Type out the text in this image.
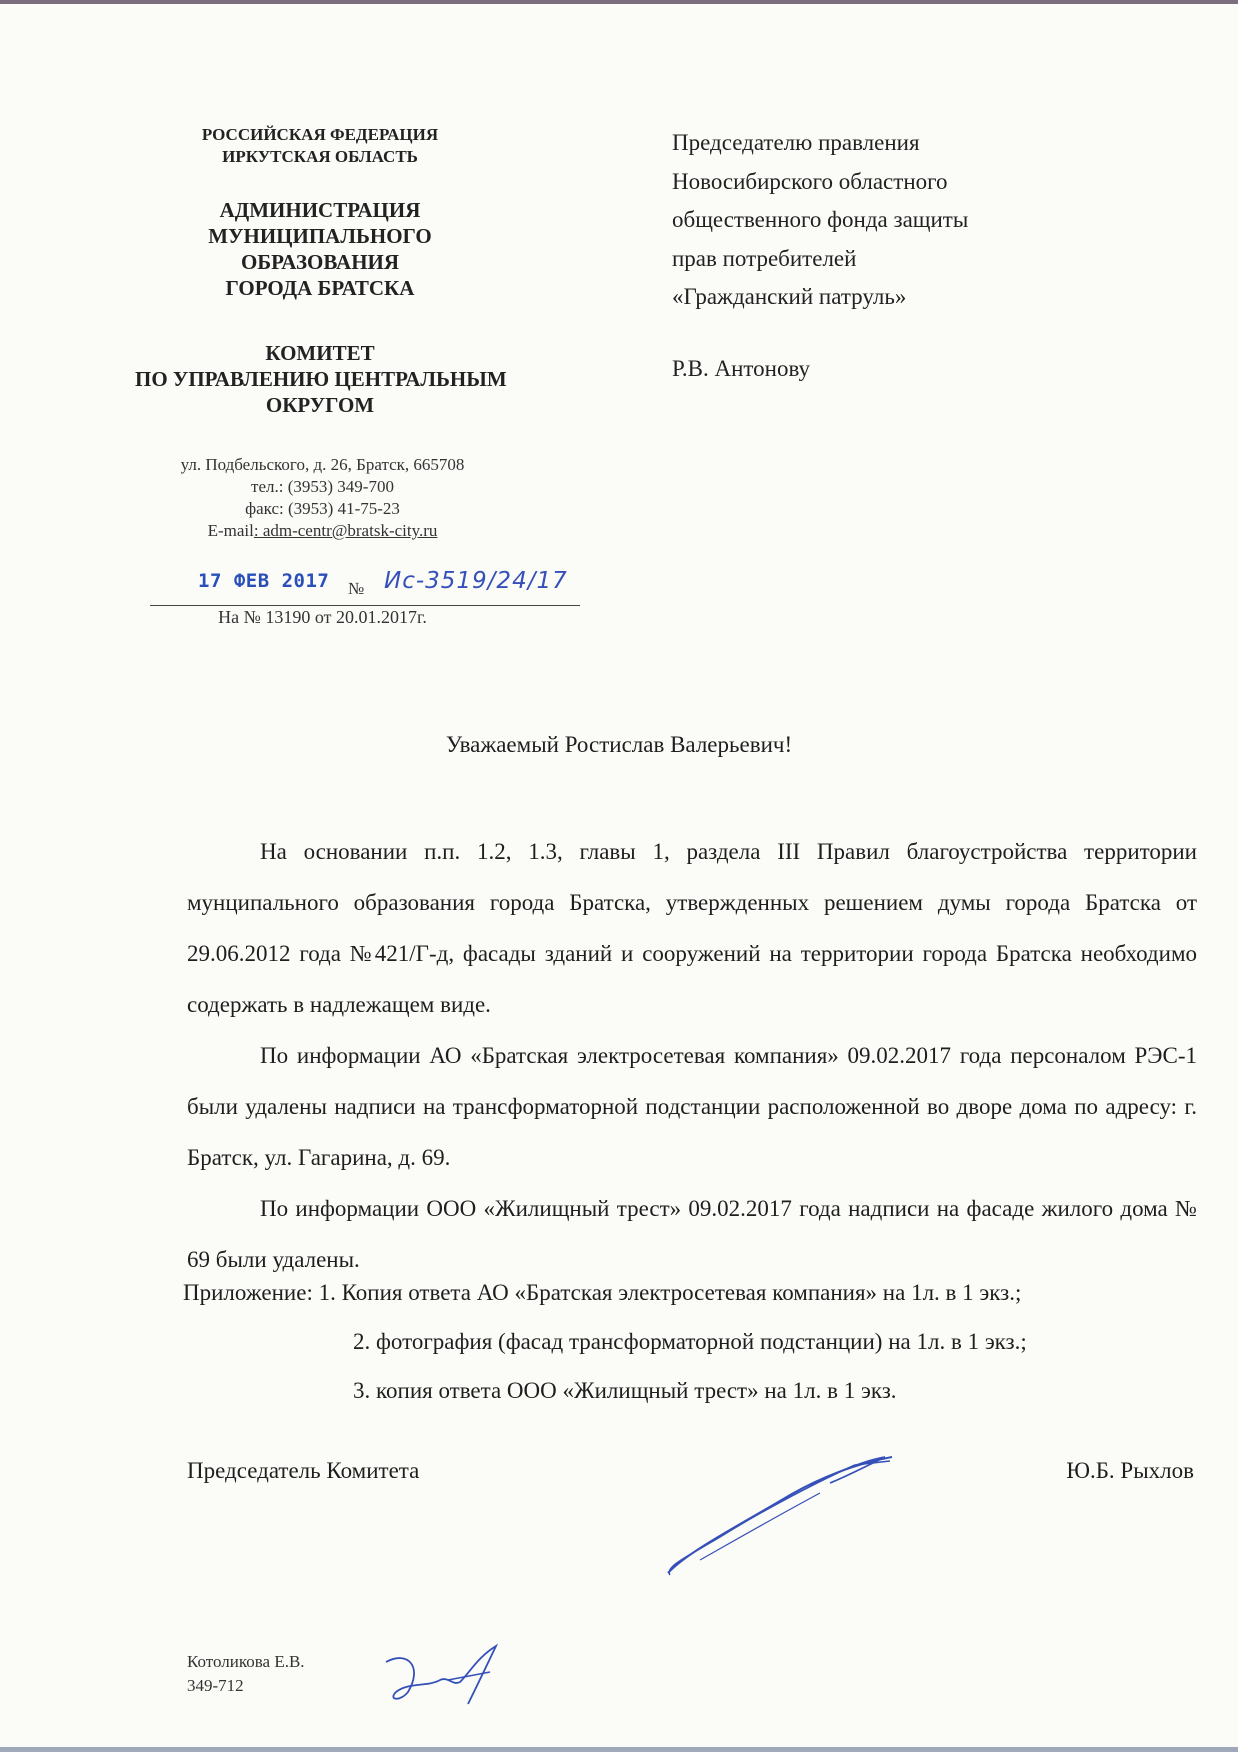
РОССИЙСКАЯ ФЕДЕРАЦИЯ
ИРКУТСКАЯ ОБЛАСТЬ
АДМИНИСТРАЦИЯ
МУНИЦИПАЛЬНОГО
ОБРАЗОВАНИЯ
ГОРОДА БРАТСКА
КОМИТЕТ
ПО УПРАВЛЕНИЮ ЦЕНТРАЛЬНЫМ
ОКРУГОМ
ул. Подбельского, д. 26, Братск, 665708
тел.: (3953) 349-700
факс: (3953) 41-75-23
E-mail: adm-centr@bratsk-city.ru
17 ФЕВ 2017 № Ис-3519/24/17
На № 13190 от 20.01.2017г.
Председателю правления
Новосибирского областного
общественного фонда защиты
прав потребителей
«Гражданский патруль»
Р.В. Антонову
Уважаемый Ростислав Валерьевич!

На основании п.п. 1.2, 1.3, главы 1, раздела III Правил благоустройства территории мунципального образования города Братска, утвержденных решением думы города Братска от 29.06.2012 года №421/Г-д, фасады зданий и сооружений на территории города Братска необходимо содержать в надлежащем виде.

По информации АО «Братская электросетевая компания» 09.02.2017 года персоналом РЭС-1 были удалены надписи на трансформаторной подстанции расположенной во дворе дома по адресу: г. Братск, ул. Гагарина, д. 69.

По информации ООО «Жилищный трест» 09.02.2017 года надписи на фасаде жилого дома № 69 были удалены.

Приложение: 1. Копия ответа АО «Братская электросетевая компания» на 1л. в 1 экз.;
2. фотография (фасад трансформаторной подстанции) на 1л. в 1 экз.;
3. копия ответа ООО «Жилищный трест» на 1л. в 1 экз.
Председатель Комитета	Ю.Б. Рыхлов
Котоликова Е.В.
349-712
